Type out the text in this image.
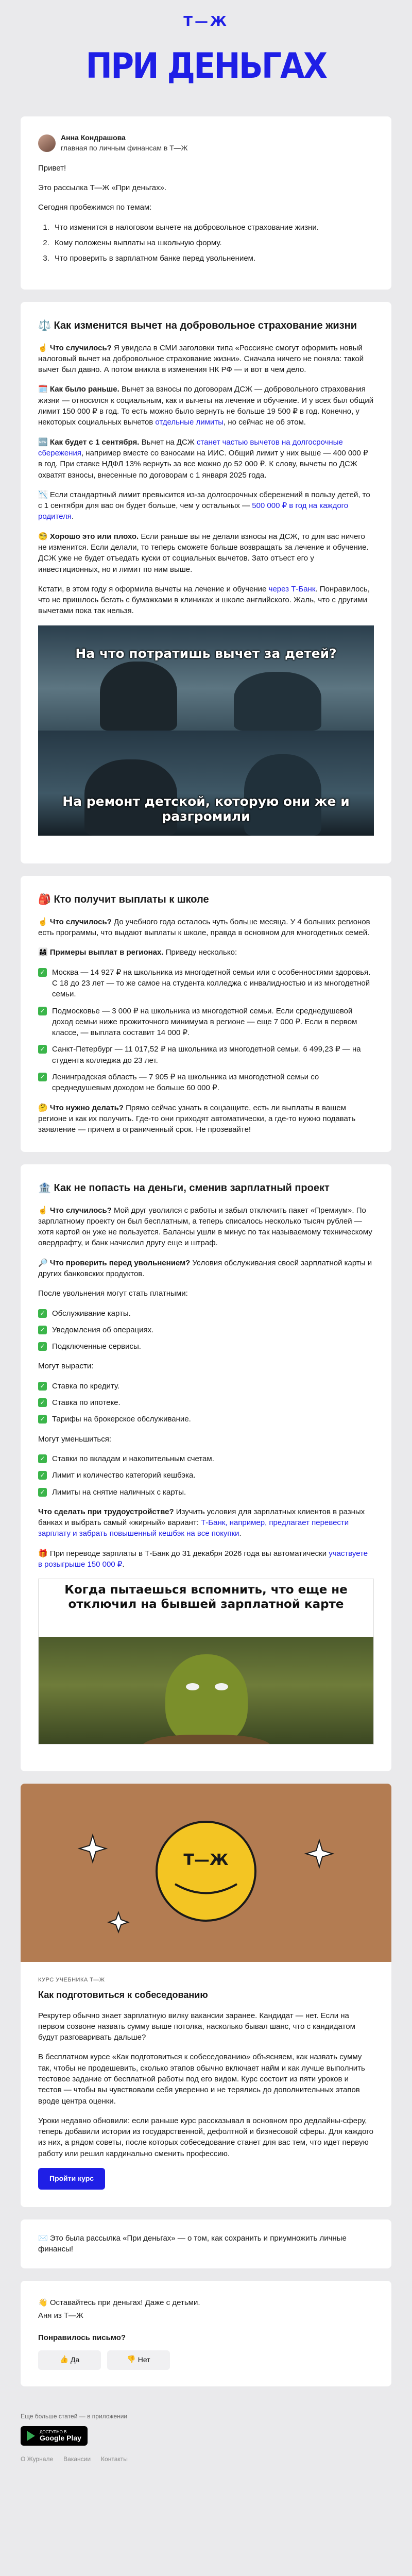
Т—Ж
ПРИ ДЕНЬГАХ
Анна Кондрашова
главная по личным финансам в Т—Ж

Привет!

Это рассылка Т—Ж «При деньгах».

Сегодня пробежимся по темам:

1. Что изменится в налоговом вычете на добровольное страхование жизни.
2. Кому положены выплаты на школьную форму.
3. Что проверить в зарплатном банке перед увольнением.
⚖️ Как изменится вычет на добровольное страхование жизни

☝️ Что случилось? Я увидела в СМИ заголовки типа «Россияне смогут оформить новый налоговый вычет на добровольное страхование жизни». Сначала ничего не поняла: такой вычет был давно. А потом вникла в изменения НК РФ — и вот в чем дело.

🗓️ Как было раньше. Вычет за взносы по договорам ДСЖ — добровольного страхования жизни — относился к социальным, как и вычеты на лечение и обучение. И у всех был общий лимит 150 000 ₽ в год. То есть можно было вернуть не больше 19 500 ₽ в год. Конечно, у некоторых социальных вычетов отдельные лимиты, но сейчас не об этом.

🆕 Как будет с 1 сентября. Вычет на ДСЖ станет частью вычетов на долгосрочные сбережения, например вместе со взносами на ИИС. Общий лимит у них выше — 400 000 ₽ в год. При ставке НДФЛ 13% вернуть за все можно до 52 000 ₽. К слову, вычеты по ДСЖ охватят взносы, внесенные по договорам с 1 января 2025 года.

📉 Если стандартный лимит превысится из-за долгосрочных сбережений в пользу детей, то с 1 сентября для вас он будет больше, чем у остальных — 500 000 ₽ в год на каждого родителя.

🧐 Хорошо это или плохо. Если раньше вы не делали взносы на ДСЖ, то для вас ничего не изменится. Если делали, то теперь сможете больше возвращать за лечение и обучение. ДСЖ уже не будет отъедать куски от социальных вычетов. Зато отъест его у инвестиционных, но и лимит по ним выше.

Кстати, в этом году я оформила вычеты на лечение и обучение через Т-Банк. Понравилось, что не пришлось бегать с бумажками в клиниках и школе английского. Жаль, что с другими вычетами пока так нельзя.

На что потратишь вычет за детей?
На ремонт детской, которую они же и разгромили
🎒 Кто получит выплаты к школе

☝️ Что случилось? До учебного года осталось чуть больше месяца. У 4 больших регионов есть программы, что выдают выплаты к школе, правда в основном для многодетных семей.

👨‍👩‍👧 Примеры выплат в регионах. Приведу несколько:

✓ Москва — 14 927 ₽ на школьника из многодетной семьи или с особенностями здоровья. С 18 до 23 лет — то же самое на студента колледжа с инвалидностью и из многодетной семьи.
✓ Подмосковье — 3 000 ₽ на школьника из многодетной семьи. Если среднедушевой доход семьи ниже прожиточного минимума в регионе — еще 7 000 ₽. Если в первом классе, — выплата составит 14 000 ₽.
✓ Санкт-Петербург — 11 017,52 ₽ на школьника из многодетной семьи. 6 499,23 ₽ — на студента колледжа до 23 лет.
✓ Ленинградская область — 7 905 ₽ на школьника из многодетной семьи со среднедушевым доходом не больше 60 000 ₽.

🤔 Что нужно делать? Прямо сейчас узнать в соцзащите, есть ли выплаты в вашем регионе и как их получить. Где-то они приходят автоматически, а где-то нужно подавать заявление — причем в ограниченный срок. Не прозевайте!

🏦 Как не попасть на деньги, сменив зарплатный проект

☝️ Что случилось? Мой друг уволился с работы и забыл отключить пакет «Премиум». По зарплатному проекту он был бесплатным, а теперь списалось несколько тысяч рублей — хотя картой он уже не пользуется. Балансы ушли в минус по так называемому техническому овердрафту, и банк начислил другу еще и штраф.

🔎 Что проверить перед увольнением? Условия обслуживания своей зарплатной карты и других банковских продуктов.

После увольнения могут стать платными:

✓ Обслуживание карты.
✓ Уведомления об операциях.
✓ Подключенные сервисы.

Могут вырасти:

✓ Ставка по кредиту.
✓ Ставка по ипотеке.
✓ Тарифы на брокерское обслуживание.

Могут уменьшиться:

✓ Ставки по вкладам и накопительным счетам.
✓ Лимит и количество категорий кешбэка.
✓ Лимиты на снятие наличных с карты.

Что сделать при трудоустройстве? Изучить условия для зарплатных клиентов в разных банках и выбрать самый «жирный» вариант: Т-Банк, например, предлагает перевести зарплату и забрать повышенный кешбэк на все покупки.

🎁 При переводе зарплаты в Т-Банк до 31 декабря 2026 года вы автоматически участвуете в розыгрыше 150 000 ₽.

Когда пытаешься вспомнить, что еще не отключил на бывшей зарплатной карте
Т—Ж
КУРС УЧЕБНИКА Т—Ж
Как подготовиться к собеседованию

Рекрутер обычно знает зарплатную вилку вакансии заранее. Кандидат — нет. Если на первом созвоне назвать сумму выше потолка, насколько бывал шанс, что с кандидатом будут разговаривать дальше?

В бесплатном курсе «Как подготовиться к собеседованию» объясняем, как назвать сумму так, чтобы не продешевить, сколько этапов обычно включает найм и как лучше выполнить тестовое задание от бесплатной работы под его видом. Курс состоит из пяти уроков и тестов — чтобы вы чувствовали себя уверенно и не терялись до дополнительных этапов вроде центра оценки.

Уроки недавно обновили: если раньше курс рассказывал в основном про дедлайны-сферу, теперь добавили истории из государственной, дефолтной и бизнесовой сферы. Для каждого из них, а рядом советы, после которых собеседование станет для вас тем, что идет первую работу или решил кардинально сменить профессию.

Пройти курс

✉️ Это была рассылка «При деньгах» — о том, как сохранить и приумножить личные финансы!

👋 Оставайтесь при деньгах! Даже с детьми.

Аня из Т—Ж

Понравилось письмо?

👍
Да	👎
Нет
Еще больше статей — в приложении
ДОСТУПНО В
Google Play
О Журнале Вакансии Контакты
